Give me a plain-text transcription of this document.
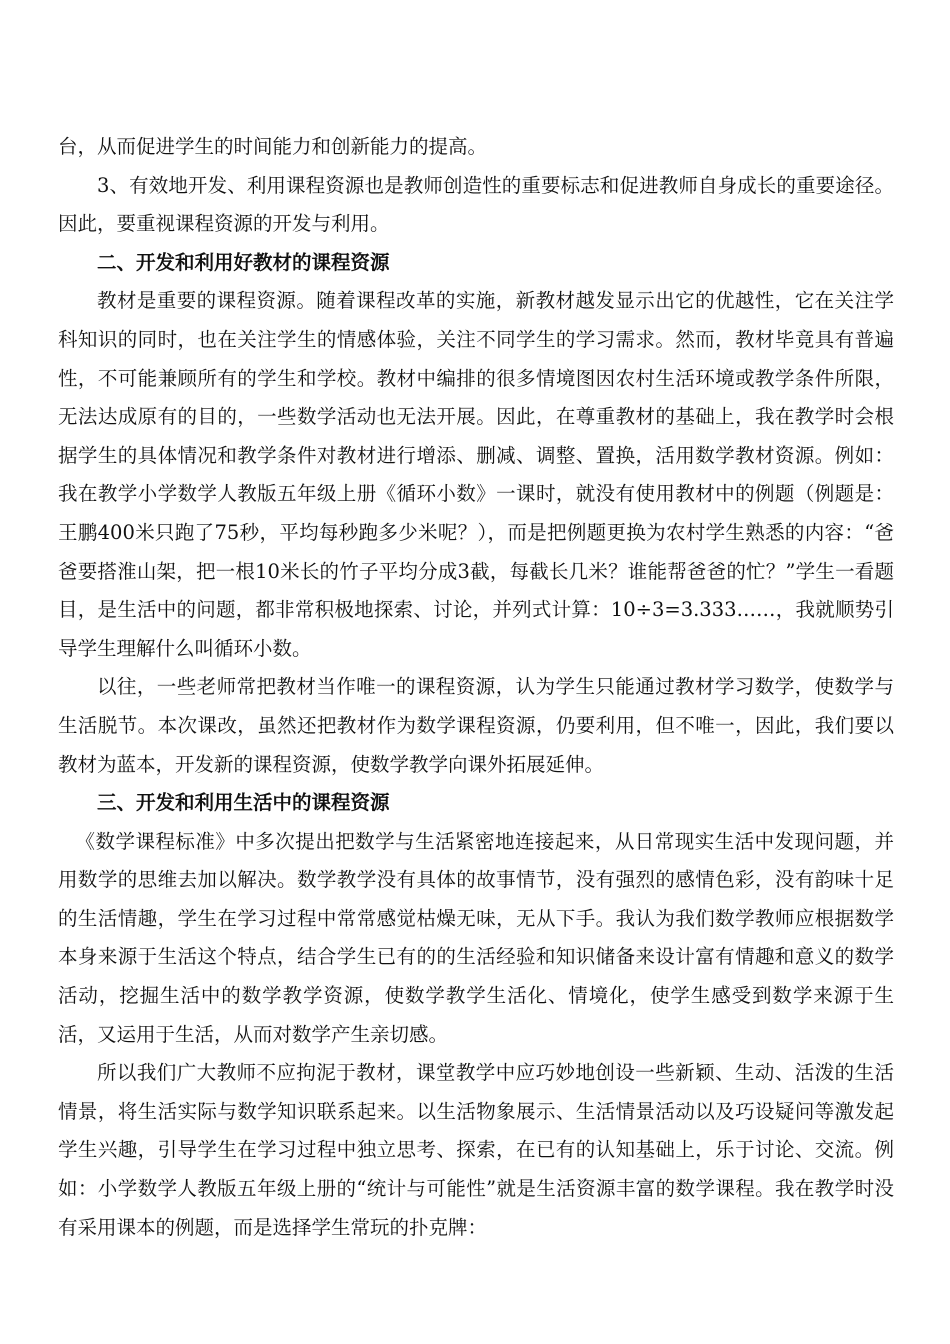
台，从而促进学生的时间能力和创新能力的提高。

3、有效地开发、利用课程资源也是教师创造性的重要标志和促进教师自身成长的重要途径。因此，要重视课程资源的开发与利用。

二、开发和利用好教材的课程资源

教材是重要的课程资源。随着课程改革的实施，新教材越发显示出它的优越性，它在关注学科知识的同时，也在关注学生的情感体验，关注不同学生的学习需求。然而，教材毕竟具有普遍性，不可能兼顾所有的学生和学校。教材中编排的很多情境图因农村生活环境或教学条件所限，无法达成原有的目的，一些数学活动也无法开展。因此，在尊重教材的基础上，我在教学时会根据学生的具体情况和教学条件对教材进行增添、删减、调整、置换，活用数学教材资源。例如：我在教学小学数学人教版五年级上册《循环小数》一课时，就没有使用教材中的例题（例题是：王鹏400米只跑了75秒，平均每秒跑多少米呢？），而是把例题更换为农村学生熟悉的内容：“爸爸要搭淮山架，把一根10米长的竹子平均分成3截，每截长几米？谁能帮爸爸的忙？”学生一看题目，是生活中的问题，都非常积极地探索、讨论，并列式计算：10÷3=3.333……，我就顺势引导学生理解什么叫循环小数。

以往，一些老师常把教材当作唯一的课程资源，认为学生只能通过教材学习数学，使数学与生活脱节。本次课改，虽然还把教材作为数学课程资源，仍要利用，但不唯一，因此，我们要以教材为蓝本，开发新的课程资源，使数学教学向课外拓展延伸。

三、开发和利用生活中的课程资源

《数学课程标准》中多次提出把数学与生活紧密地连接起来，从日常现实生活中发现问题，并用数学的思维去加以解决。数学教学没有具体的故事情节，没有强烈的感情色彩，没有韵味十足的生活情趣，学生在学习过程中常常感觉枯燥无味，无从下手。我认为我们数学教师应根据数学本身来源于生活这个特点，结合学生已有的的生活经验和知识储备来设计富有情趣和意义的数学活动，挖掘生活中的数学教学资源，使数学教学生活化、情境化，使学生感受到数学来源于生活，又运用于生活，从而对数学产生亲切感。

所以我们广大教师不应拘泥于教材，课堂教学中应巧妙地创设一些新颖、生动、活泼的生活情景，将生活实际与数学知识联系起来。以生活物象展示、生活情景活动以及巧设疑问等激发起学生兴趣，引导学生在学习过程中独立思考、探索，在已有的认知基础上，乐于讨论、交流。例如：小学数学人教版五年级上册的“统计与可能性”就是生活资源丰富的数学课程。我在教学时没有采用课本的例题，而是选择学生常玩的扑克牌：
